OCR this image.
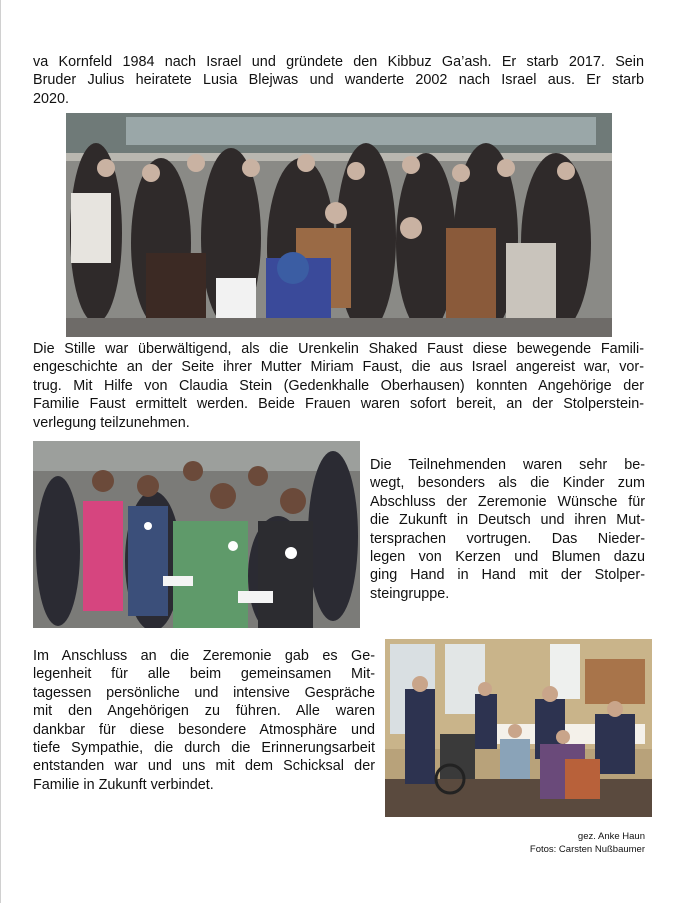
va Kornfeld 1984 nach Israel und gründete den Kibbuz Ga’ash. Er starb 2017. Sein
Bruder Julius heiratete Lusia Blejwas und wanderte 2002 nach Israel aus. Er starb
2020.

Die Stille war überwältigend, als die Urenkelin Shaked Faust diese bewegende Famili-
engeschichte an der Seite ihrer Mutter Miriam Faust, die aus Israel angereist war, vor-
trug. Mit Hilfe von Claudia Stein (Gedenkhalle Oberhausen) konnten Angehörige der
Familie Faust ermittelt werden. Beide Frauen waren sofort bereit, an der Stolperstein-
verlegung teilzunehmen.

Die Teilnehmenden waren sehr be-
wegt, besonders als die Kinder zum
Abschluss der Zeremonie Wünsche für
die Zukunft in Deutsch und ihren Mut-
tersprachen vortrugen. Das Nieder-
legen von Kerzen und Blumen dazu
ging Hand in Hand mit der Stolper-
steingruppe.

Im Anschluss an die Zeremonie gab es Ge-
legenheit für alle beim gemeinsamen Mit-
tagessen persönliche und intensive Gespräche
mit den Angehörigen zu führen. Alle waren
dankbar für diese besondere Atmosphäre und
tiefe Sympathie, die durch die Erinnerungsarbeit
entstanden war und uns mit dem Schicksal der
Familie in Zukunft verbindet.

gez. Anke Haun
Fotos: Carsten Nußbaumer
